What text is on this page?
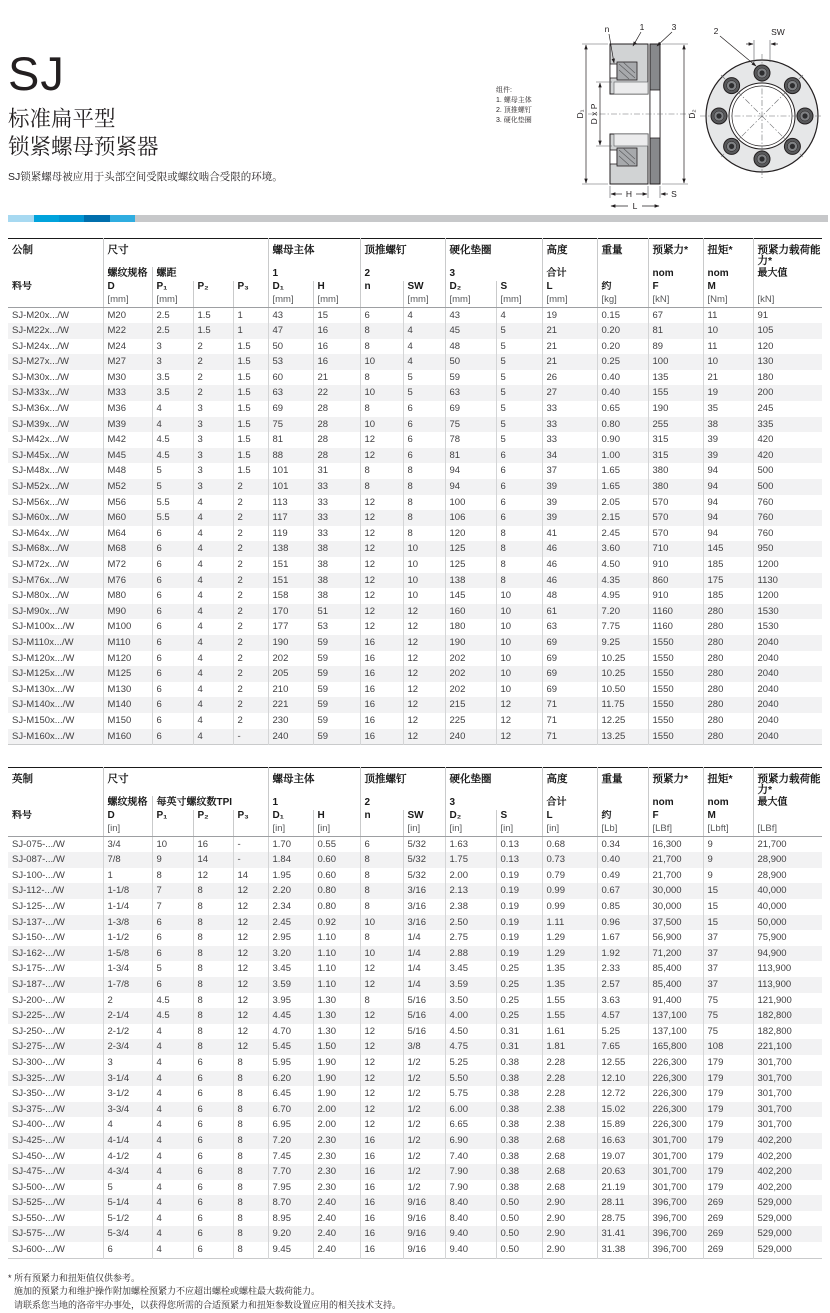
SJ
标准扁平型
锁紧螺母预紧器
SJ锁紧螺母被应用于头部空间受限或螺纹啮合受限的环境。
组件:
1. 螺母主体
2. 顶推螺钉
3. 硬化垫圈
D₁ D x P	D₂
n	1	3
H	S
L
2	SW
公制	尺寸				螺母主体		顶推螺钉		硬化垫圈		高度	重量	预紧力*	扭矩*	预紧力载荷能力*
	螺纹规格	螺距			1		2		3		合计		nom	nom	最大值
料号	D	P₁	P₂	P₃	D₁	H	n	SW	D₂	S	L	约	F	M	
	[mm]	[mm]			[mm]	[mm]		[mm]	[mm]	[mm]	[mm]	[kg]	[kN]	[Nm]	[kN]
SJ-M20x.../W	M20	2.5	1.5	1	43	15	6	4	43	4	19	0.15	67	11	91
SJ-M22x.../W	M22	2.5	1.5	1	47	16	8	4	45	5	21	0.20	81	10	105
SJ-M24x.../W	M24	3	2	1.5	50	16	8	4	48	5	21	0.20	89	11	120
SJ-M27x.../W	M27	3	2	1.5	53	16	10	4	50	5	21	0.25	100	10	130
SJ-M30x.../W	M30	3.5	2	1.5	60	21	8	5	59	5	26	0.40	135	21	180
SJ-M33x.../W	M33	3.5	2	1.5	63	22	10	5	63	5	27	0.40	155	19	200
SJ-M36x.../W	M36	4	3	1.5	69	28	8	6	69	5	33	0.65	190	35	245
SJ-M39x.../W	M39	4	3	1.5	75	28	10	6	75	5	33	0.80	255	38	335
SJ-M42x.../W	M42	4.5	3	1.5	81	28	12	6	78	5	33	0.90	315	39	420
SJ-M45x.../W	M45	4.5	3	1.5	88	28	12	6	81	6	34	1.00	315	39	420
SJ-M48x.../W	M48	5	3	1.5	101	31	8	8	94	6	37	1.65	380	94	500
SJ-M52x.../W	M52	5	3	2	101	33	8	8	94	6	39	1.65	380	94	500
SJ-M56x.../W	M56	5.5	4	2	113	33	12	8	100	6	39	2.05	570	94	760
SJ-M60x.../W	M60	5.5	4	2	117	33	12	8	106	6	39	2.15	570	94	760
SJ-M64x.../W	M64	6	4	2	119	33	12	8	120	8	41	2.45	570	94	760
SJ-M68x.../W	M68	6	4	2	138	38	12	10	125	8	46	3.60	710	145	950
SJ-M72x.../W	M72	6	4	2	151	38	12	10	125	8	46	4.50	910	185	1200
SJ-M76x.../W	M76	6	4	2	151	38	12	10	138	8	46	4.35	860	175	1130
SJ-M80x.../W	M80	6	4	2	158	38	12	10	145	10	48	4.95	910	185	1200
SJ-M90x.../W	M90	6	4	2	170	51	12	12	160	10	61	7.20	1160	280	1530
SJ-M100x.../W	M100	6	4	2	177	53	12	12	180	10	63	7.75	1160	280	1530
SJ-M110x.../W	M110	6	4	2	190	59	16	12	190	10	69	9.25	1550	280	2040
SJ-M120x.../W	M120	6	4	2	202	59	16	12	202	10	69	10.25	1550	280	2040
SJ-M125x.../W	M125	6	4	2	205	59	16	12	202	10	69	10.25	1550	280	2040
SJ-M130x.../W	M130	6	4	2	210	59	16	12	202	10	69	10.50	1550	280	2040
SJ-M140x.../W	M140	6	4	2	221	59	16	12	215	12	71	11.75	1550	280	2040
SJ-M150x.../W	M150	6	4	2	230	59	16	12	225	12	71	12.25	1550	280	2040
SJ-M160x.../W	M160	6	4	-	240	59	16	12	240	12	71	13.25	1550	280	2040
英制	尺寸				螺母主体		顶推螺钉		硬化垫圈		高度	重量	预紧力*	扭矩*	预紧力载荷能力*
	螺纹规格	每英寸螺纹数TPI			1		2		3		合计		nom	nom	最大值
料号	D	P₁	P₂	P₃	D₁	H	n	SW	D₂	S	L	约	F	M	
	[in]				[in]	[in]		[in]	[in]	[in]	[in]	[Lb]	[LBf]	[Lbft]	[LBf]
SJ-075-.../W	3/4	10	16	-	1.70	0.55	6	5/32	1.63	0.13	0.68	0.34	16,300	9	21,700
SJ-087-.../W	7/8	9	14	-	1.84	0.60	8	5/32	1.75	0.13	0.73	0.40	21,700	9	28,900
SJ-100-.../W	1	8	12	14	1.95	0.60	8	5/32	2.00	0.19	0.79	0.49	21,700	9	28,900
SJ-112-.../W	1-1/8	7	8	12	2.20	0.80	8	3/16	2.13	0.19	0.99	0.67	30,000	15	40,000
SJ-125-.../W	1-1/4	7	8	12	2.34	0.80	8	3/16	2.38	0.19	0.99	0.85	30,000	15	40,000
SJ-137-.../W	1-3/8	6	8	12	2.45	0.92	10	3/16	2.50	0.19	1.11	0.96	37,500	15	50,000
SJ-150-.../W	1-1/2	6	8	12	2.95	1.10	8	1/4	2.75	0.19	1.29	1.67	56,900	37	75,900
SJ-162-.../W	1-5/8	6	8	12	3.20	1.10	10	1/4	2.88	0.19	1.29	1.92	71,200	37	94,900
SJ-175-.../W	1-3/4	5	8	12	3.45	1.10	12	1/4	3.45	0.25	1.35	2.33	85,400	37	113,900
SJ-187-.../W	1-7/8	6	8	12	3.59	1.10	12	1/4	3.59	0.25	1.35	2.57	85,400	37	113,900
SJ-200-.../W	2	4.5	8	12	3.95	1.30	8	5/16	3.50	0.25	1.55	3.63	91,400	75	121,900
SJ-225-.../W	2-1/4	4.5	8	12	4.45	1.30	12	5/16	4.00	0.25	1.55	4.57	137,100	75	182,800
SJ-250-.../W	2-1/2	4	8	12	4.70	1.30	12	5/16	4.50	0.31	1.61	5.25	137,100	75	182,800
SJ-275-.../W	2-3/4	4	8	12	5.45	1.50	12	3/8	4.75	0.31	1.81	7.65	165,800	108	221,100
SJ-300-.../W	3	4	6	8	5.95	1.90	12	1/2	5.25	0.38	2.28	12.55	226,300	179	301,700
SJ-325-.../W	3-1/4	4	6	8	6.20	1.90	12	1/2	5.50	0.38	2.28	12.10	226,300	179	301,700
SJ-350-.../W	3-1/2	4	6	8	6.45	1.90	12	1/2	5.75	0.38	2.28	12.72	226,300	179	301,700
SJ-375-.../W	3-3/4	4	6	8	6.70	2.00	12	1/2	6.00	0.38	2.38	15.02	226,300	179	301,700
SJ-400-.../W	4	4	6	8	6.95	2.00	12	1/2	6.65	0.38	2.38	15.89	226,300	179	301,700
SJ-425-.../W	4-1/4	4	6	8	7.20	2.30	16	1/2	6.90	0.38	2.68	16.63	301,700	179	402,200
SJ-450-.../W	4-1/2	4	6	8	7.45	2.30	16	1/2	7.40	0.38	2.68	19.07	301,700	179	402,200
SJ-475-.../W	4-3/4	4	6	8	7.70	2.30	16	1/2	7.90	0.38	2.68	20.63	301,700	179	402,200
SJ-500-.../W	5	4	6	8	7.95	2.30	16	1/2	7.90	0.38	2.68	21.19	301,700	179	402,200
SJ-525-.../W	5-1/4	4	6	8	8.70	2.40	16	9/16	8.40	0.50	2.90	28.11	396,700	269	529,000
SJ-550-.../W	5-1/2	4	6	8	8.95	2.40	16	9/16	8.40	0.50	2.90	28.75	396,700	269	529,000
SJ-575-.../W	5-3/4	4	6	8	9.20	2.40	16	9/16	9.40	0.50	2.90	31.41	396,700	269	529,000
SJ-600-.../W	6	4	6	8	9.45	2.40	16	9/16	9.40	0.50	2.90	31.38	396,700	269	529,000
* 所有预紧力和扭矩值仅供参考。
施加的预紧力和维护操作附加螺栓预紧力不应超出螺栓或螺柱最大载荷能力。
请联系您当地的洛帝牢办事处，以获得您所需的合适预紧力和扭矩参数设置应用的相关技术支持。
